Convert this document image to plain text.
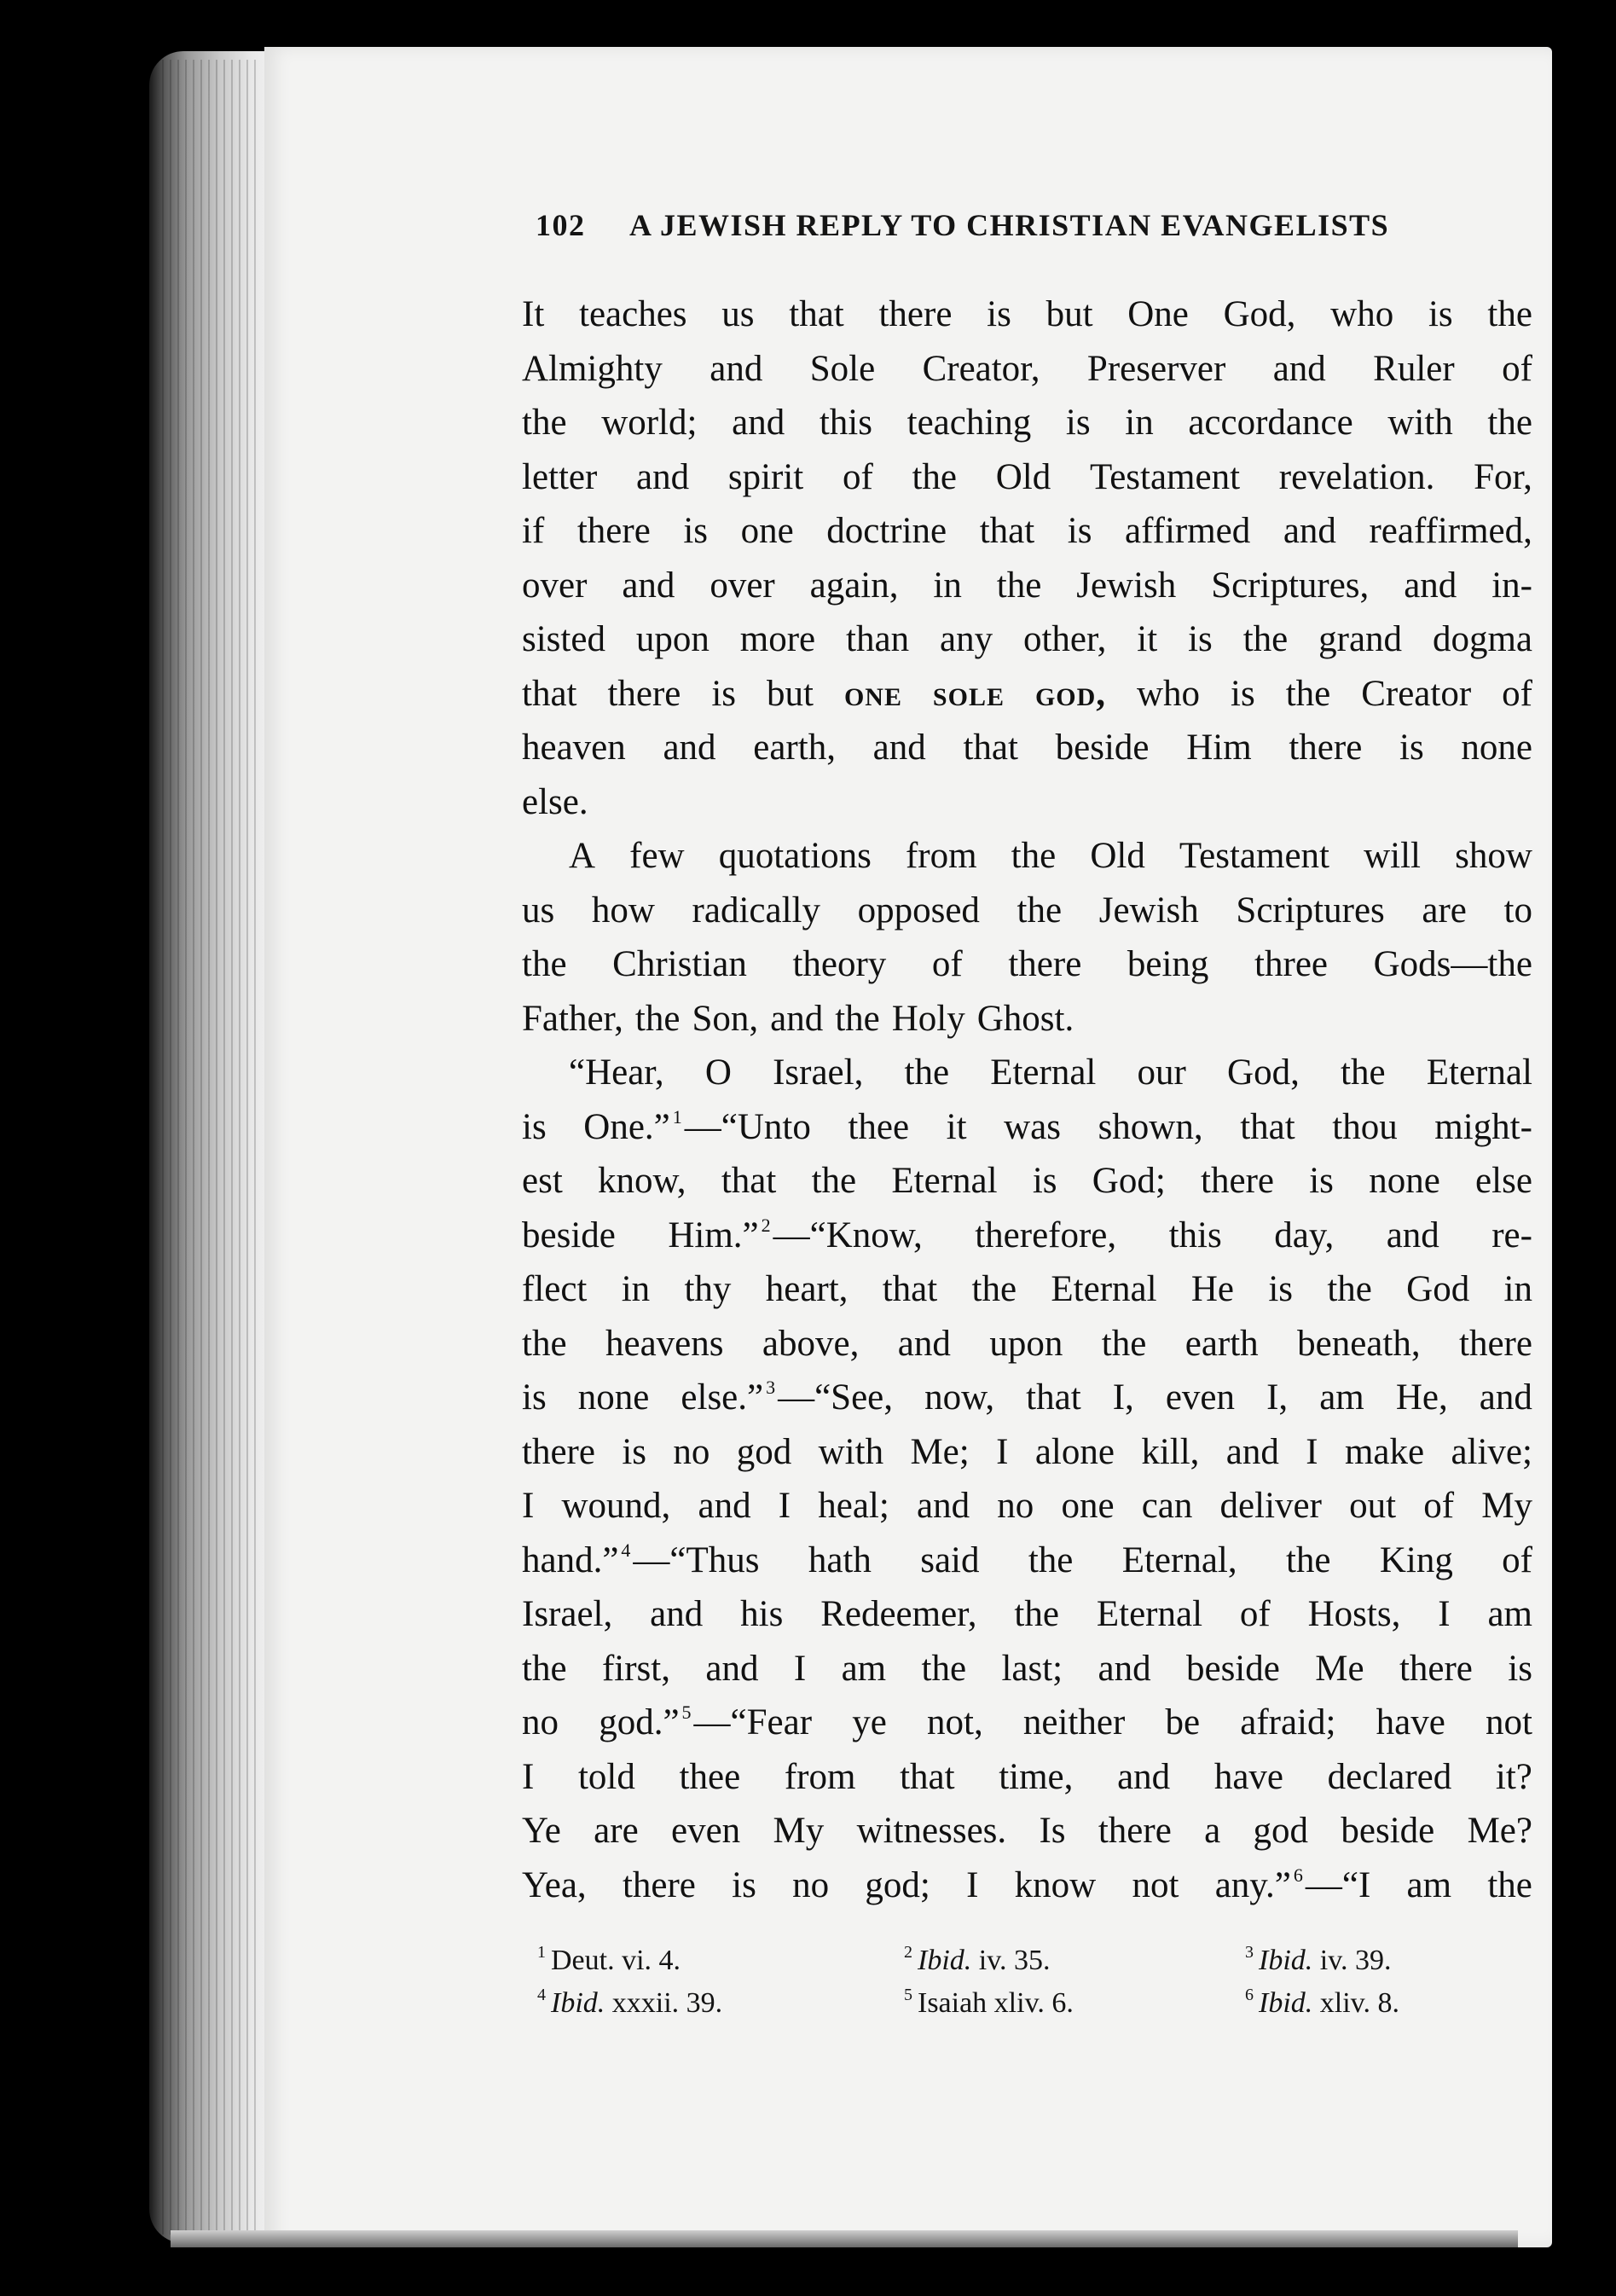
102 A JEWISH REPLY TO CHRISTIAN EVANGELISTS
It teaches us that there is but One God, who is the
Almighty and Sole Creator, Preserver and Ruler of
the world; and this teaching is in accordance with the
letter and spirit of the Old Testament revelation. For,
if there is one doctrine that is affirmed and reaffirmed,
over and over again, in the Jewish Scriptures, and in-
sisted upon more than any other, it is the grand dogma
that there is but one sole god, who is the Creator of
heaven and earth, and that beside Him there is none
else.
A few quotations from the Old Testament will show
us how radically opposed the Jewish Scriptures are to
the Christian theory of there being three Gods—the
Father, the Son, and the Holy Ghost.
“Hear, O Israel, the Eternal our God, the Eternal
is One.” $^1$—“Unto thee it was shown, that thou might-
est know, that the Eternal is God; there is none else
beside Him.” $^2$—“Know, therefore, this day, and re-
flect in thy heart, that the Eternal He is the God in
the heavens above, and upon the earth beneath, there
is none else.” $^3$—“See, now, that I, even I, am He, and
there is no god with Me; I alone kill, and I make alive;
I wound, and I heal; and no one can deliver out of My
hand.” $^4$—“Thus hath said the Eternal, the King of
Israel, and his Redeemer, the Eternal of Hosts, I am
the first, and I am the last; and beside Me there is
no god.” $^5$—“Fear ye not, neither be afraid; have not
I told thee from that time, and have declared it?
Ye are even My witnesses. Is there a god beside Me?
Yea, there is no god; I know not any.” $^6$—“I am the
$^1$ Deut. vi. 4.	$^2$ Ibid. iv. 35.	$^3$ Ibid. iv. 39.
$^4$ Ibid. xxxii. 39.	$^5$ Isaiah xliv. 6.	$^6$ Ibid. xliv. 8.
